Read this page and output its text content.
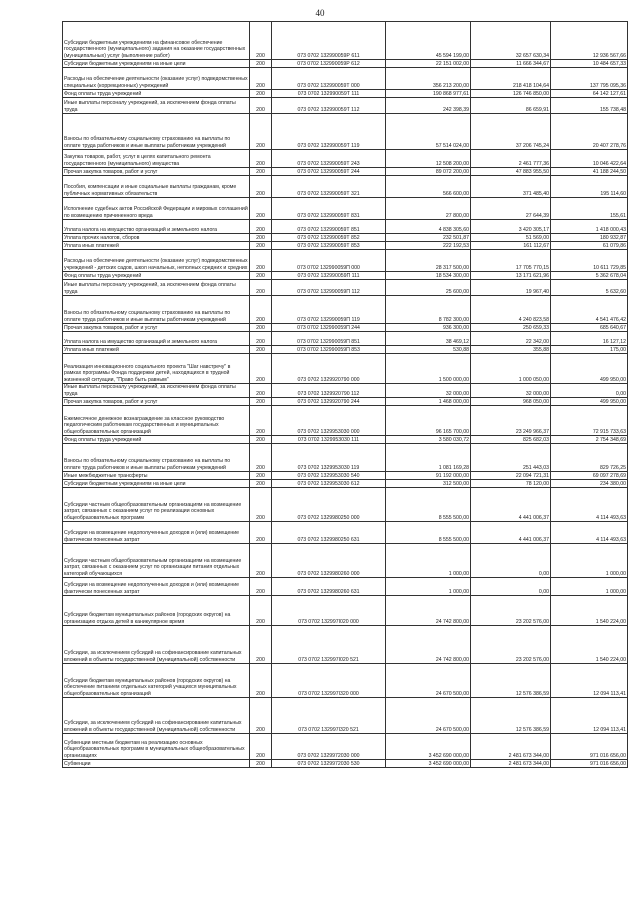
40
Субсидии бюджетным учреждениям на финансовое обеспечение государственного (муниципального) задания на оказание государственных (муниципальных) услуг (выполнение работ)	200	073 0702 132990059Р 611	45 594 199,00	32 657 630,34	12 936 567,66
Субсидии бюджетным учреждениям на иные цели	200	073 0702 132990059Р 612	22 151 002,00	11 666 344,67	10 484 657,33
Расходы на обеспечение деятельности (оказание услуг) подведомственных специальных (коррекционных) учреждений	200	073 0702 132990059Т 000	356 213 200,00	218 418 104,64	137 795 095,36
Фонд оплаты труда учреждений	200	073 0702 132990059Т 111	190 868 977,61	126 746 850,00	64 142 127,61
Иные выплаты персоналу учреждений, за исключением фонда оплаты труда	200	073 0702 132990059Т 112	242 398,39	86 659,91	155 738,48
Взносы по обязательному социальному страхованию на выплаты по оплате труда работников и иные выплаты работникам учреждений	200	073 0702 132990059Т 119	57 514 024,00	37 206 745,24	20 407 278,76
Закупка товаров, работ, услуг в целях капитального ремонта государственного (муниципального) имущества	200	073 0702 132990059Т 243	12 508 200,00	2 461 777,36	10 046 422,64
Прочая закупка товаров, работ и услуг	200	073 0702 132990059Т 244	89 072 200,00	47 883 955,50	41 188 244,50
Пособия, компенсации и иные социальные выплаты гражданам, кроме публичных нормативных обязательств	200	073 0702 132990059Т 321	566 600,00	371 485,40	195 114,60
Исполнение судебных актов Российской Федерации и мировых соглашений по возмещению причиненного вреда	200	073 0702 132990059Т 831	27 800,00	27 644,39	155,61
Уплата налога на имущество организаций и земельного налога	200	073 0702 132990059Т 851	4 838 305,60	3 420 305,17	1 418 000,43
Уплата прочих налогов, сборов	200	073 0702 132990059Т 852	232 501,87	51 569,00	180 932,87
Уплата иных платежей	200	073 0702 132990059Т 853	222 192,53	161 112,67	61 079,86
Расходы на обеспечение деятельности (оказание услуг) подведомственных учреждений - детских садов, школ начальных, неполных средних и средних	200	073 0702 132990059П 000	28 317 500,00	17 705 770,15	10 611 729,85
Фонд оплаты труда учреждений	200	073 0702 132990059П 111	18 534 300,00	13 171 621,96	5 362 678,04
Иные выплаты персоналу учреждений, за исключением фонда оплаты труда	200	073 0702 132990059П 112	25 600,00	19 967,40	5 632,60
Взносы по обязательному социальному страхованию на выплаты по оплате труда работников и иные выплаты работникам учреждений	200	073 0702 132990059П 119	8 782 300,00	4 240 823,58	4 541 476,42
Прочая закупка товаров, работ и услуг	200	073 0702 132990059П 244	936 300,00	250 659,33	685 640,67
Уплата налога на имущество организаций и земельного налога	200	073 0702 132990059П 851	38 469,12	22 342,00	16 127,12
Уплата иных платежей	200	073 0702 132990059П 853	530,88	355,88	175,00
Реализация инновационного социального проекта "Шаг навстречу" в рамках программы Фонда поддержки детей, находящихся в трудной жизненной ситуации, "Право быть равным"	200	073 0702 1329920790 000	1 500 000,00	1 000 050,00	499 950,00
Иные выплаты персоналу учреждений, за исключением фонда оплаты труда	200	073 0702 1329920790 112	32 000,00	32 000,00	0,00
Прочая закупка товаров, работ и услуг	200	073 0702 1329920790 244	1 468 000,00	968 050,00	499 950,00
Ежемесячное денежное вознаграждение за классное руководство педагогическим работникам государственных и муниципальных общеобразовательных организаций	200	073 0702 1329953030 000	96 165 700,00	23 249 966,37	72 915 733,63
Фонд оплаты труда учреждений	200	073 0702 1329953030 111	3 580 030,72	825 682,03	2 754 348,69
Взносы по обязательному социальному страхованию на выплаты по оплате труда работников и иные выплаты работникам учреждений	200	073 0702 1329953030 119	1 081 169,28	251 443,03	829 726,25
Иные межбюджетные трансферты	200	073 0702 1329953030 540	91 192 000,00	22 094 721,31	69 097 278,69
Субсидии бюджетным учреждениям на иные цели	200	073 0702 1329953030 612	312 500,00	78 120,00	234 380,00
Субсидии частным общеобразовательным организациям на возмещение затрат, связанных с оказанием услуг по реализации основных общеобразовательных программ	200	073 0702 1329980250 000	8 555 500,00	4 441 006,37	4 114 493,63
Субсидии на возмещение недополученных доходов и (или) возмещение фактически понесенных затрат	200	073 0702 1329980250 631	8 555 500,00	4 441 006,37	4 114 493,63
Субсидии частным общеобразовательным организациям на возмещение затрат, связанных с оказанием услуг по организации питания отдельных категорий обучающихся	200	073 0702 1329980260 000	1 000,00	0,00	1 000,00
Субсидии на возмещение недополученных доходов и (или) возмещение фактически понесенных затрат	200	073 0702 1329980260 631	1 000,00	0,00	1 000,00
Субсидии бюджетам муниципальных районов (городских округов) на организацию отдыха детей в каникулярное время	200	073 0702 132997I020 000	24 742 800,00	23 202 576,00	1 540 224,00
Субсидии, за исключением субсидий на софинансирование капитальных вложений в объекты государственной (муниципальной) собственности	200	073 0702 132997I020 521	24 742 800,00	23 202 576,00	1 540 224,00
Субсидии бюджетам муниципальных районов (городских округов) на обеспечение питанием отдельных категорий учащихся муниципальных общеобразовательных организаций	200	073 0702 132997I320 000	24 670 500,00	12 576 386,59	12 094 113,41
Субсидии, за исключением субсидий на софинансирование капитальных вложений в объекты государственной (муниципальной) собственности	200	073 0702 132997I320 521	24 670 500,00	12 576 386,59	12 094 113,41
Субвенции местным бюджетам на реализацию основных общеобразовательных программ в муниципальных общеобразовательных организациях	200	073 0702 1329972030 000	3 452 690 000,00	2 481 673 344,00	971 016 656,00
Субвенции	200	073 0702 1329972030 530	3 452 690 000,00	2 481 673 344,00	971 016 656,00
